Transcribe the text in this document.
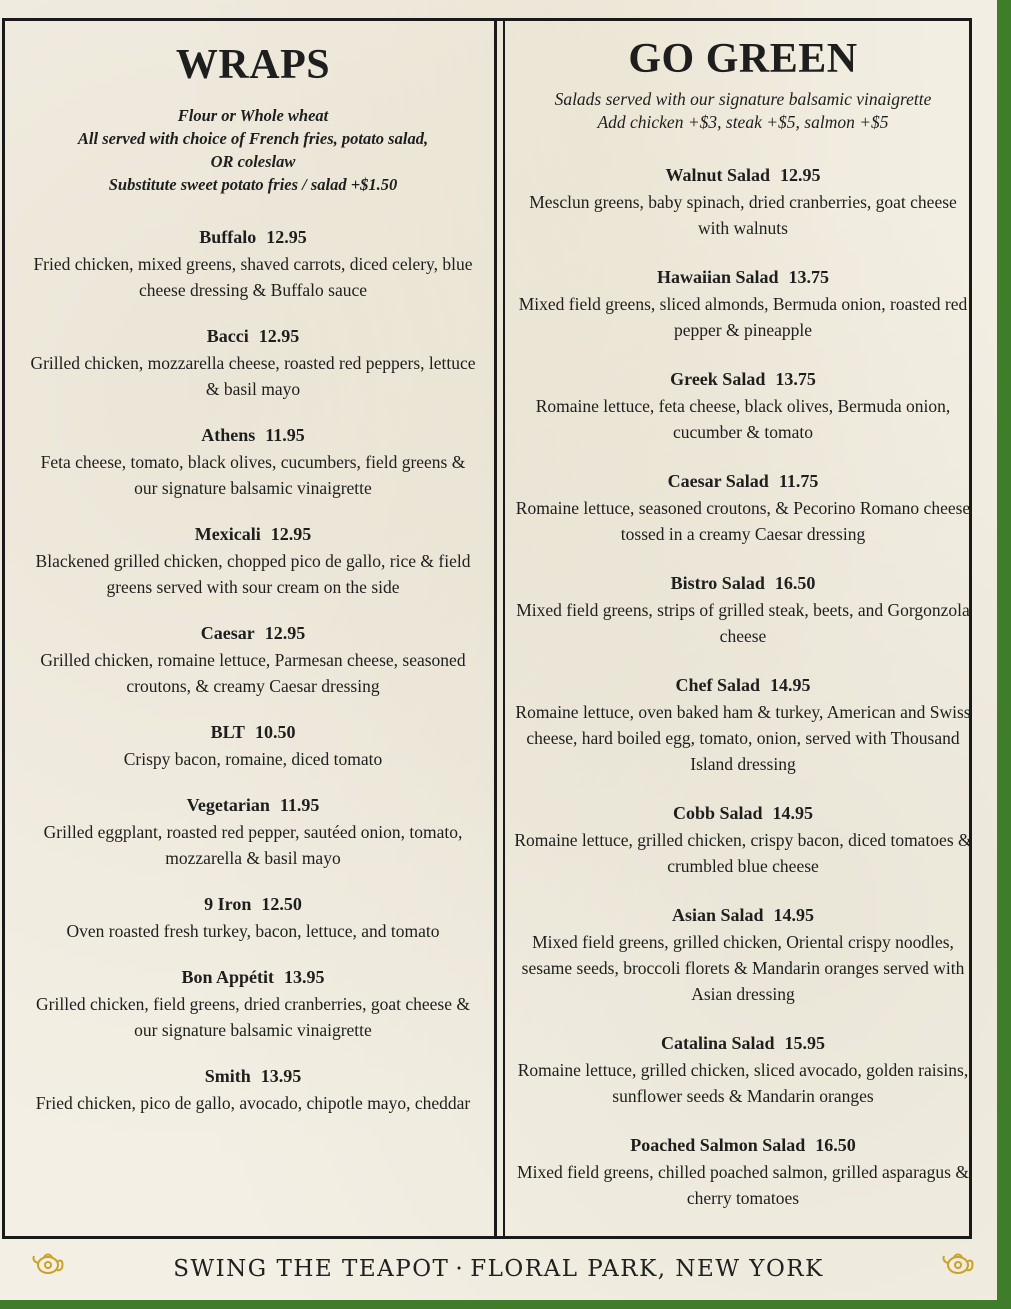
WRAPS
Flour or Whole wheat
All served with choice of French fries, potato salad,
OR coleslaw
Substitute sweet potato fries / salad +$1.50
Buffalo 12.95
Fried chicken, mixed greens, shaved carrots, diced celery, blue cheese dressing & Buffalo sauce
Bacci 12.95
Grilled chicken, mozzarella cheese, roasted red peppers, lettuce & basil mayo
Athens 11.95
Feta cheese, tomato, black olives, cucumbers, field greens & our signature balsamic vinaigrette
Mexicali 12.95
Blackened grilled chicken, chopped pico de gallo, rice & field greens served with sour cream on the side
Caesar 12.95
Grilled chicken, romaine lettuce, Parmesan cheese, seasoned croutons, & creamy Caesar dressing
BLT 10.50
Crispy bacon, romaine, diced tomato
Vegetarian 11.95
Grilled eggplant, roasted red pepper, sautéed onion, tomato, mozzarella & basil mayo
9 Iron 12.50
Oven roasted fresh turkey, bacon, lettuce, and tomato
Bon Appétit 13.95
Grilled chicken, field greens, dried cranberries, goat cheese & our signature balsamic vinaigrette
Smith 13.95
Fried chicken, pico de gallo, avocado, chipotle mayo, cheddar
GO GREEN
Salads served with our signature balsamic vinaigrette
Add chicken +$3, steak +$5, salmon +$5
Walnut Salad 12.95
Mesclun greens, baby spinach, dried cranberries, goat cheese with walnuts
Hawaiian Salad 13.75
Mixed field greens, sliced almonds, Bermuda onion, roasted red pepper & pineapple
Greek Salad 13.75
Romaine lettuce, feta cheese, black olives, Bermuda onion, cucumber & tomato
Caesar Salad 11.75
Romaine lettuce, seasoned croutons, & Pecorino Romano cheese tossed in a creamy Caesar dressing
Bistro Salad 16.50
Mixed field greens, strips of grilled steak, beets, and Gorgonzola cheese
Chef Salad 14.95
Romaine lettuce, oven baked ham & turkey, American and Swiss cheese, hard boiled egg, tomato, onion, served with Thousand Island dressing
Cobb Salad 14.95
Romaine lettuce, grilled chicken, crispy bacon, diced tomatoes & crumbled blue cheese
Asian Salad 14.95
Mixed field greens, grilled chicken, Oriental crispy noodles, sesame seeds, broccoli florets & Mandarin oranges served with Asian dressing
Catalina Salad 15.95
Romaine lettuce, grilled chicken, sliced avocado, golden raisins, sunflower seeds & Mandarin oranges
Poached Salmon Salad 16.50
Mixed field greens, chilled poached salmon, grilled asparagus & cherry tomatoes
SWING THE TEAPOT · FLORAL PARK, NEW YORK
